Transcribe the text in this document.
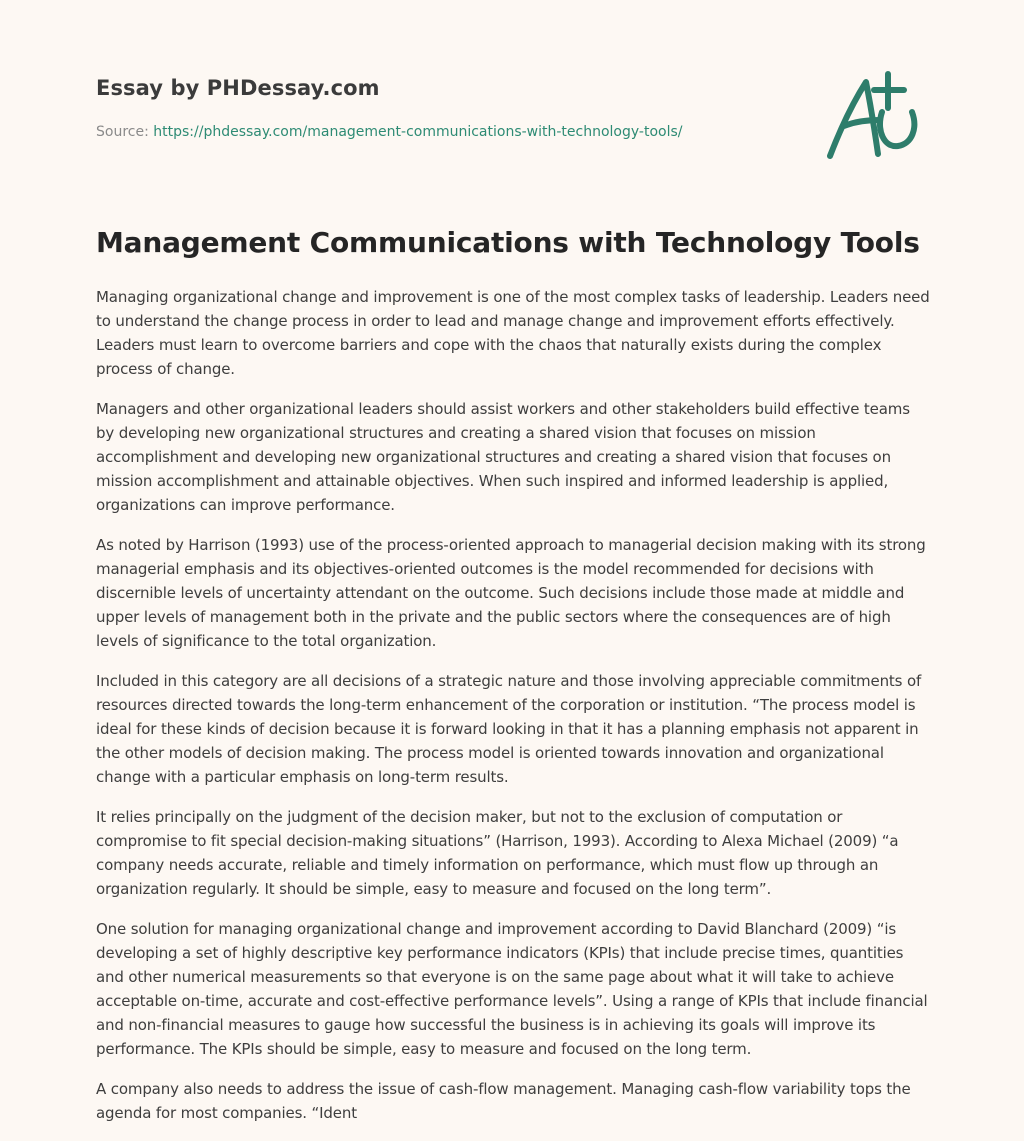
Essay by PHDessay.com
Source: https://phdessay.com/management-communications-with-technology-tools/
Management Communications with Technology Tools

Managing organizational change and improvement is one of the most complex tasks of leadership. Leaders need to understand the change process in order to lead and manage change and improvement efforts effectively. Leaders must learn to overcome barriers and cope with the chaos that naturally exists during the complex process of change.

Managers and other organizational leaders should assist workers and other stakeholders build effective teams by developing new organizational structures and creating a shared vision that focuses on mission accomplishment and developing new organizational structures and creating a shared vision that focuses on mission accomplishment and attainable objectives. When such inspired and informed leadership is applied, organizations can improve performance.

As noted by Harrison (1993) use of the process-oriented approach to managerial decision making with its strong managerial emphasis and its objectives-oriented outcomes is the model recommended for decisions with discernible levels of uncertainty attendant on the outcome. Such decisions include those made at middle and upper levels of management both in the private and the public sectors where the consequences are of high levels of significance to the total organization.

Included in this category are all decisions of a strategic nature and those involving appreciable commitments of resources directed towards the long-term enhancement of the corporation or institution. “The process model is ideal for these kinds of decision because it is forward looking in that it has a planning emphasis not apparent in the other models of decision making. The process model is oriented towards innovation and organizational change with a particular emphasis on long-term results.

It relies principally on the judgment of the decision maker, but not to the exclusion of computation or compromise to fit special decision-making situations” (Harrison, 1993). According to Alexa Michael (2009) “a company needs accurate, reliable and timely information on performance, which must flow up through an organization regularly. It should be simple, easy to measure and focused on the long term”.

One solution for managing organizational change and improvement according to David Blanchard (2009) “is developing a set of highly descriptive key performance indicators (KPIs) that include precise times, quantities and other numerical measurements so that everyone is on the same page about what it will take to achieve acceptable on-time, accurate and cost-effective performance levels”. Using a range of KPIs that include financial and non-financial measures to gauge how successful the business is in achieving its goals will improve its performance. The KPIs should be simple, easy to measure and focused on the long term.

A company also needs to address the issue of cash-flow management. Managing cash-flow variability tops the agenda for most companies. “Ident
